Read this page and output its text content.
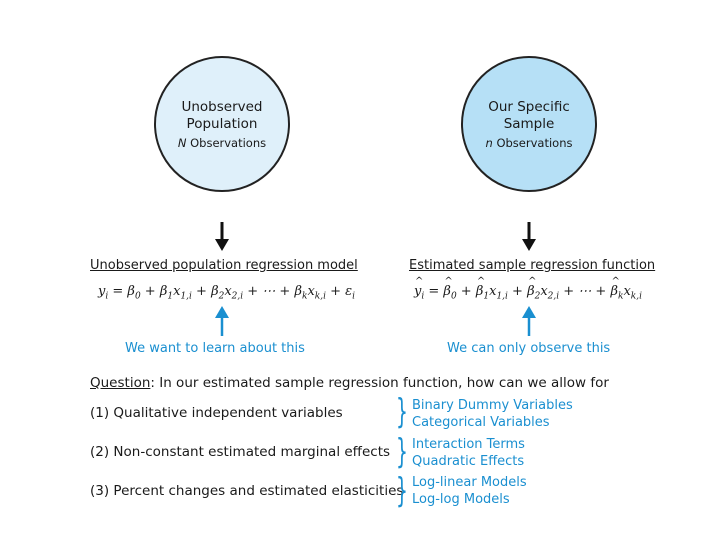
Unobserved
Population
N Observations
Our Specific
Sample
n Observations
Unobserved population regression model	Estimated sample regression function
$y_i = \beta_0 + \beta_1x_{1,i} + \beta_2x_{2,i}$ + ⋯ + $\beta_kx_{k,i} + \varepsilon_i$
^	$y_i$ = ^ $\beta_0$ + ^ $\beta_1x_{1,i}$ + ^ $\beta_2x_{2,i}$ + ⋯ + ^ $\beta_kx_{k,i}$
We want to learn about this	We can only observe this
Question: In our estimated sample regression function, how can we allow for
(1) Qualitative independent variables } Binary Dummy Variables
Categorical Variables
(2) Non-constant estimated marginal effects } Interaction Terms
Quadratic Effects
(3) Percent changes and estimated elasticities
} Log-linear Models
Log-log Models
